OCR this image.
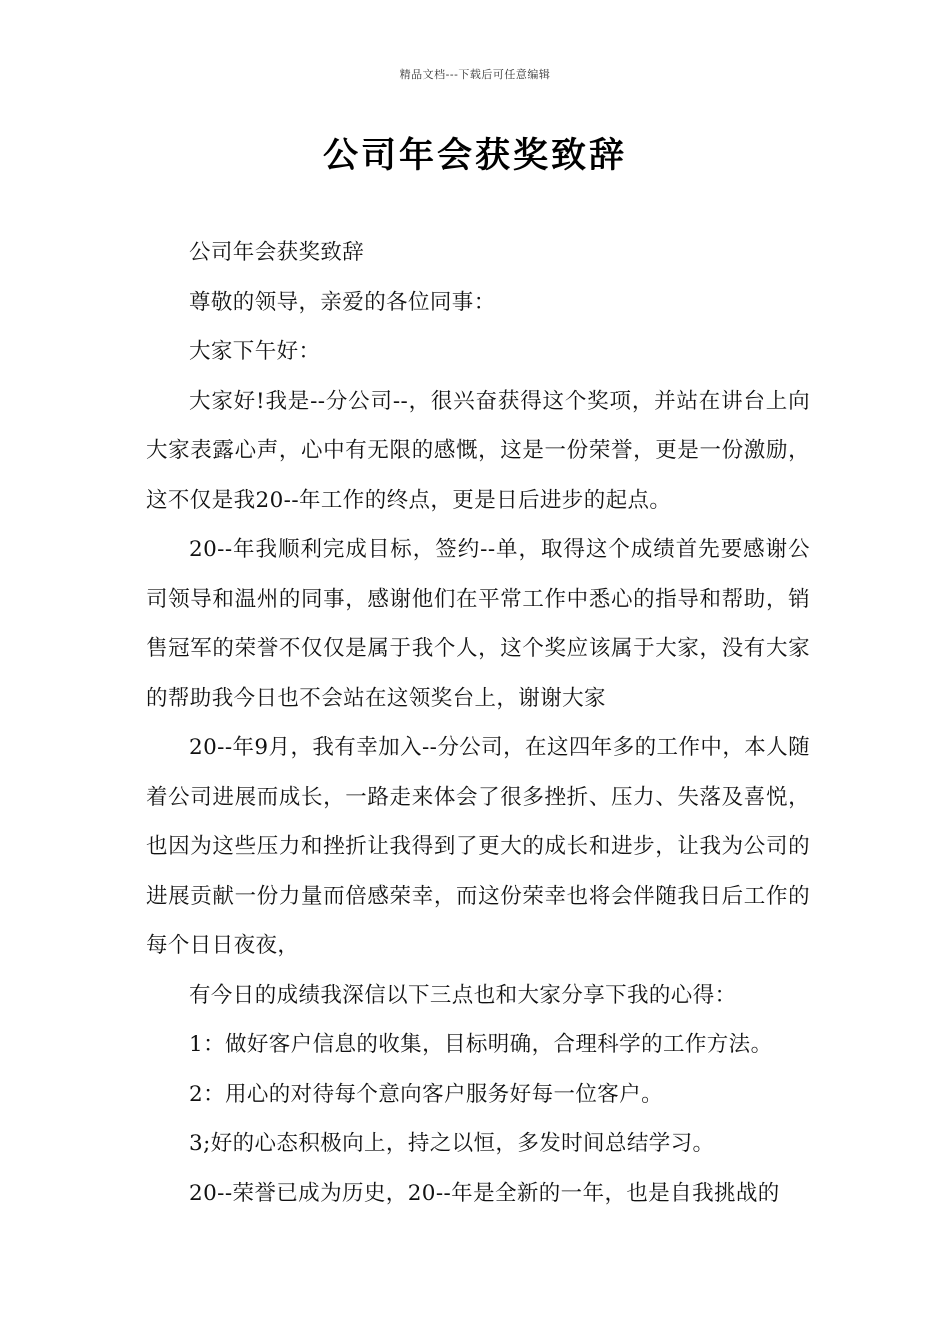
精品文档---下载后可任意编辑
公司年会获奖致辞

公司年会获奖致辞

尊敬的领导，亲爱的各位同事：

大家下午好：

大家好!我是--分公司--，很兴奋获得这个奖项，并站在讲台上向大家表露心声，心中有无限的感慨，这是一份荣誉，更是一份激励，这不仅是我20--年工作的终点，更是日后进步的起点。

20--年我顺利完成目标，签约--单，取得这个成绩首先要感谢公司领导和温州的同事，感谢他们在平常工作中悉心的指导和帮助，销售冠军的荣誉不仅仅是属于我个人，这个奖应该属于大家，没有大家的帮助我今日也不会站在这领奖台上，谢谢大家

20--年9月，我有幸加入--分公司，在这四年多的工作中，本人随着公司进展而成长，一路走来体会了很多挫折、压力、失落及喜悦，也因为这些压力和挫折让我得到了更大的成长和进步，让我为公司的进展贡献一份力量而倍感荣幸，而这份荣幸也将会伴随我日后工作的每个日日夜夜，

有今日的成绩我深信以下三点也和大家分享下我的心得：

1：做好客户信息的收集，目标明确，合理科学的工作方法。

2：用心的对待每个意向客户服务好每一位客户。

3;好的心态积极向上，持之以恒，多发时间总结学习。

20--荣誉已成为历史，20--年是全新的一年，也是自我挑战的
